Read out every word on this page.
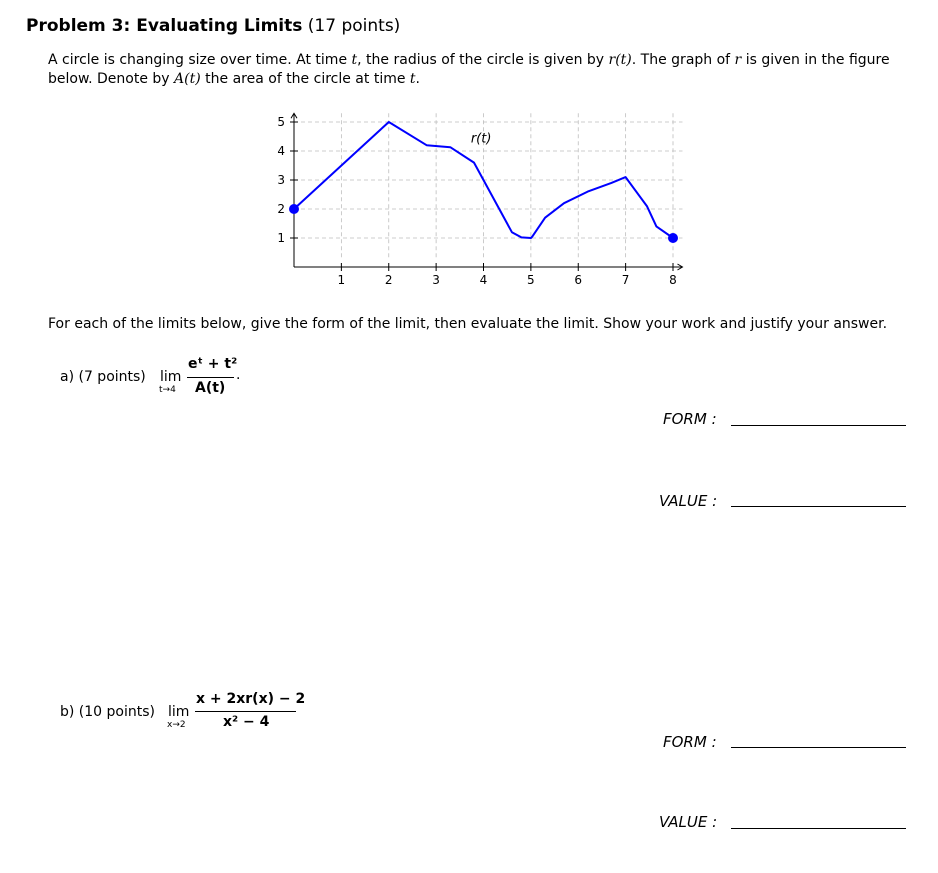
Problem 3: Evaluating Limits (17 points)
A circle is changing size over time. At time t, the radius of the circle is given by r(t). The graph of r is given in the figure below. Denote by A(t) the area of the circle at time t.
1	2	3	4	5	6	7	8
1
2
3
4
5
r(t)
For each of the limits below, give the form of the limit, then evaluate the limit. Show your work and justify your answer.
a) (7 points) lim
t→4
eᵗ + t²
A(t)
.
FORM :
VALUE :
b) (10 points) lim
x→2
x + 2xr(x) − 2
x² − 4
FORM :
VALUE :
